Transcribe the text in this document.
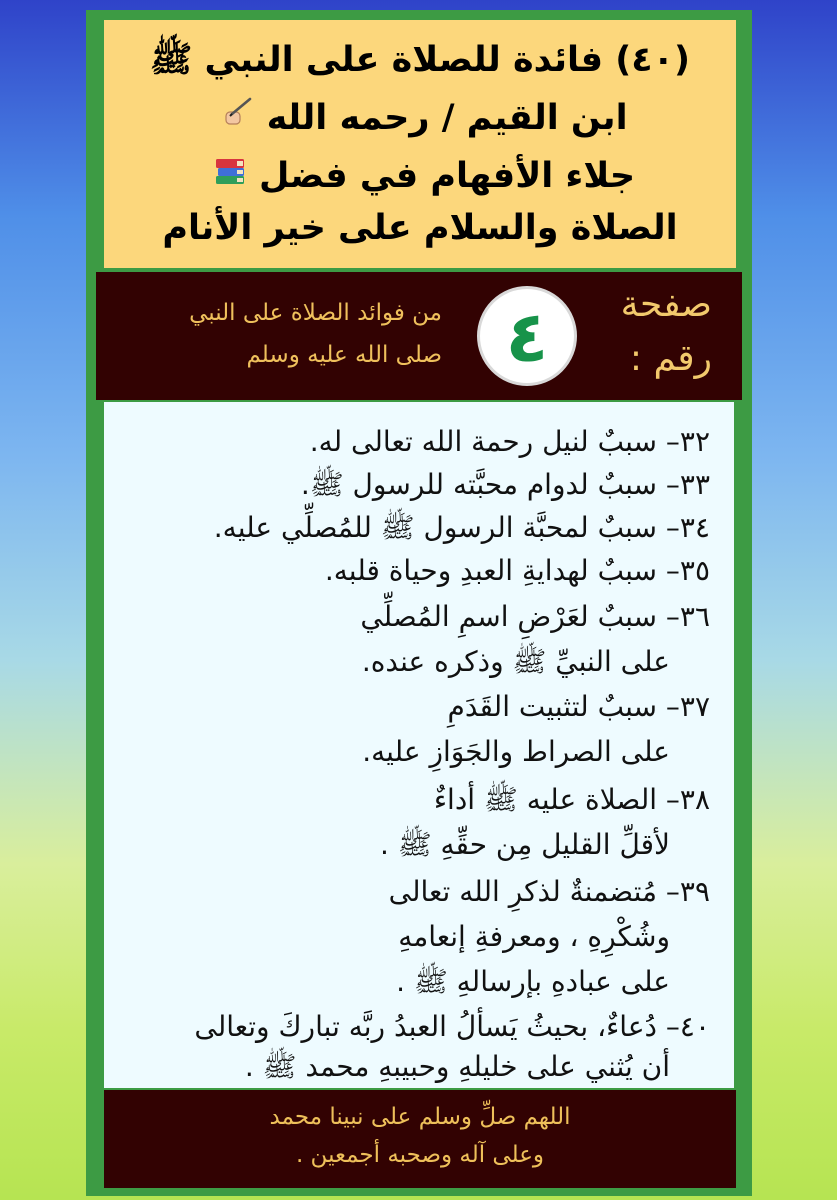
(٤٠) فائدة للصلاة على النبي ﷺ
ابن القيم / رحمه الله
جلاء الأفهام في فضل
الصلاة والسلام على خير الأنام
صفحة
رقم :
٤
من فوائد الصلاة على النبي
صلى الله عليه وسلم
٣٢– سببٌ لنيل رحمة الله تعالى له.
٣٣– سببٌ لدوام محبَّته للرسول ﷺ.
٣٤– سببٌ لمحبَّة الرسول ﷺ للمُصلِّي عليه.
٣٥– سببٌ لهدايةِ العبدِ وحياة قلبه.
٣٦– سببٌ لعَرْضِ اسمِ المُصلِّي
على النبيِّ ﷺ وذكره عنده.
٣٧– سببٌ لتثبيت القَدَمِ
على الصراط والجَوَازِ عليه.
٣٨– الصلاة عليه ﷺ أداءٌ
لأقلِّ القليل مِن حقِّهِ ﷺ .
٣٩– مُتضمنةٌ لذكرِ الله تعالى
وشُكْرِهِ ، ومعرفةِ إنعامهِ
على عبادهِ بإرسالهِ ﷺ .
٤٠– دُعاءٌ، بحيثُ يَسألُ العبدُ ربَّه تباركَ وتعالى
أن يُثني على خليلهِ وحبيبهِ محمد ﷺ .
اللهم صلِّ وسلم على نبينا محمد
وعلى آله وصحبه أجمعين .
